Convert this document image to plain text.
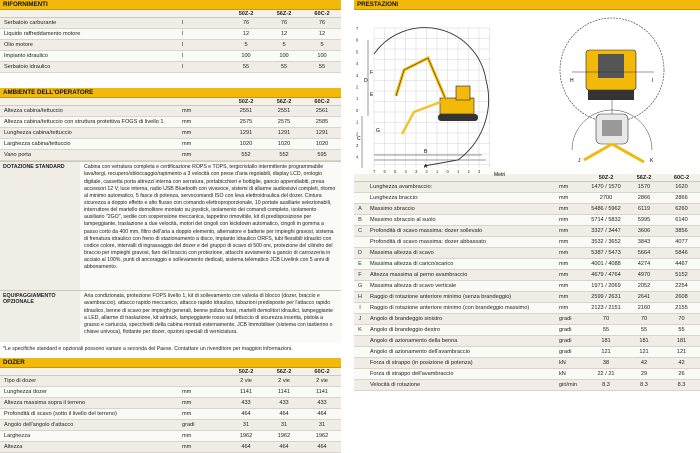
RIFORNIMENTI
50Z-2	56Z-2	60C-2
Serbatoio carburante	l	76	76	76
Liquido raffreddamento motore	l	12	12	12
Olio motore	l	5	5	5
Impianto idraulico	l	100	100	100
Serbatoio idraulico	l	55	55	55
AMBIENTE DELL'OPERATORE
50Z-2	56Z-2	60C-2
Altezza cabina/tettuccio	mm	2551	2551	2561
Altezza cabina/tettuccio con struttura protettiva FOGS di livello 1	mm	2575	2575	2585
Lunghezza cabina/tettuccio	mm	1291	1291	1291
Larghezza cabina/tettuccio	mm	1020	1020	1020
Vano porta	mm	552	552	595
DOTAZIONE STANDARD	Cabina con vetratura completa e certificazione ROPS e TOPS, tergicristallo intermittente programmabile lava/tergi, recupero/sbloccaggio/rapimento a 3 velocità con prese d'aria regolabili, display LCD, orologio digitale, cassetta porta attrezzi interna con serratura, portabicchieri e bottiglie, gancio appendiabiti, presa accessori 12 V, luce interna, radio USB Bluetooth con vivavoce, sistemi di allarme audiovisivi completi, ritorno al minimo automatico, 5 fasce di potenza, servocomandi ISO con leva elettroidraulica del dozer. Cintura sicurezza a doppio effetto e alto flusso con comando elettroproporzionale, 10 portate ausiliarie selezionabili, interruttore del martello demolitore montato su joystick, isolamento dei comandi completo, isolamento ausiliario "2GO", sedile con sospensione meccanica, tappetino rimovibile, kit di predisposizione per lampeggiante, traslazione a due velocità, motori dei cingoli con kickdown automatico, cingoli in gomma a passo corto da 400 mm, filtro dell'aria a doppio elemento, alternatore e batterie per impieghi gravosi, sistema di frenatura idraulico con freno di stazionamento a disco, impianto idraulico ORFS, tubi flessibili idraulici con codice colore, intervalli di ingrassaggio del dozer e del gruppo di scavo di 500 ore, protezione del cilindro del braccio per impieghi gravosi, faro del braccio con protezione, attacchi avviamento a gancio di carrozzeria in acciaio al 100%, punti di ancoraggio e sollevamento dedicati, sistema telematico JCB Livelink con 5 anni di abbonamento.
EQUIPAGGIAMENTO OPZIONALE
Aria condizionata, protezione FOPS livello 1, kit di sollevamento con valvola di blocco (dozer, braccio e avambraccio), attacco rapido meccanico, attacco rapido idraulico, tubazioni predisposte per l'attacco rapido idraulico, benne di scavo per impieghi generali, benne pulizia fossi, martelli demolitori idraulici, lampeggiante a LED, allarme di traslazione, kit airtrack, lampeggiante rosso sul tettuccio di sicurezza inserita, pistola a grasso e cartuccia, specchietti della cabina montati esternamente, JCB Immobiliser (sistema con tastierino o chiave univoca), flottante per dozer, opzioni speciali di verniciatura.
*Le specifiche standard e opzionali possono variare a seconda del Paese. Contattare un rivenditore per maggiori informazioni.
DOZER
50Z-2	56Z-2	60C-2
Tipo di dozer		2 vie	2 vie	2 vie
Lunghezza dozer	mm	1141	1141	1141
Altezza massima sopra il terreno	mm	433	433	433
Profondità di scavo (sotto il livello del terreno)	mm	464	464	464
Angolo dell'angolo d'attacco	gradi	31	31	31
Larghezza	mm	1962	1962	1962
Altezza	mm	464	464	464
PRESTAZIONI
D
E
F
C
G
B
A
Metri
7 6 5 4 3 2 1 0 1 2 3
7
6
5
4
3
2
1
0
1
2
3
4
H	I
J	K
50Z-2	56Z-2	60C-2
	Lunghezza avambraccio:	mm	1470 / 1570	1570	1620
	Lunghezza braccio:	mm	2700	2866	2866
A	Massimo sbraccio	mm	5486 / 5962	6119	6260
B	Massimo sbraccio al suolo	mm	5714 / 5832	5995	6140
C	Profondità di scavo massima: dozer sollevato	mm	3327 / 3447	3606	3856
	Profondità di scavo massima: dozer abbassato	mm	3532 / 3652	3843	4077
D	Massima altezza di scavo	mm	5387 / 5473	5664	5846
E	Massima altezza di carico/scarico	mm	4001 / 4088	4274	4467
F	Altezza massima al perno avambraccio	mm	4679 / 4764	4970	5152
G	Massima altezza di scavo verticale	mm	1971 / 2069	2052	2254
H	Raggio di rotazione anteriore minimo (senza brandeggio)	mm	2599 / 2631	2641	2608
I	Raggio di rotazione anteriore minimo (con brandeggio massimo)	mm	2123 / 2151	2160	2155
J	Angolo di brandeggio sinistro	gradi	70	70	70
K	Angolo di brandeggio destro	gradi	55	55	55
	Angolo di azionamento della benna	gradi	181	181	181
	Angolo di azionamento dell'avambraccio	gradi	121	121	121
	Forza di strappo (in posizione di potenza)	kN	38	42	42
	Forza di strappo dell'avambraccio	kN	22 / 21	29	26
	Velocità di rotazione	giri/min	8.3	8.3	8.3
